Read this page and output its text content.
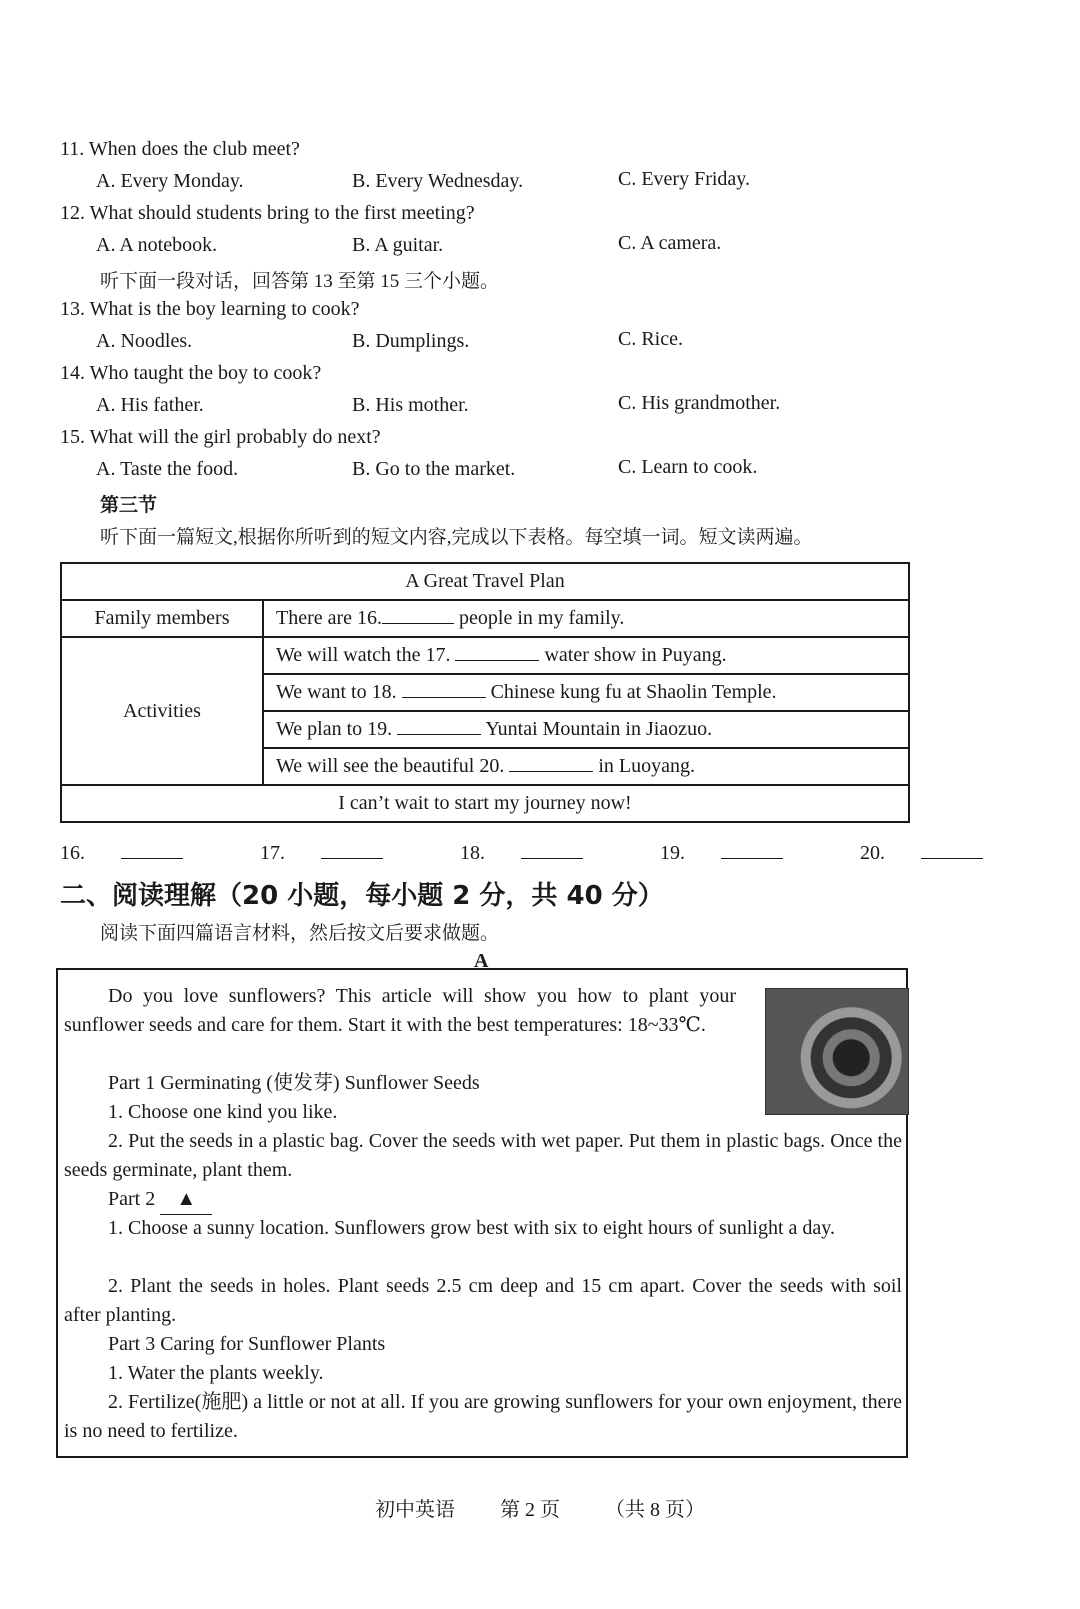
11. When does the club meet?
A. Every Monday.	B. Every Wednesday.	C. Every Friday.
12. What should students bring to the first meeting?
A. A notebook.	B. A guitar.	C. A camera.
听下面一段对话，回答第 13 至第 15 三个小题。
13. What is the boy learning to cook?
A. Noodles.	B. Dumplings.	C. Rice.
14. Who taught the boy to cook?
A. His father.	B. His mother.	C. His grandmother.
15. What will the girl probably do next?
A. Taste the food.	B. Go to the market.	C. Learn to cook.
第三节
听下面一篇短文,根据你所听到的短文内容,完成以下表格。每空填一词。短文读两遍。
A Great Travel Plan	
Family members	There are 16. people in my family.
Activities	We will watch the 17. water show in Puyang.
	We want to 18. Chinese kung fu at Shaolin Temple.
	We plan to 19. Yuntai Mountain in Jiaozuo.
	We will see the beautiful 20. in Luoyang.
I can’t wait to start my journey now!	
16.	17.	18.	19.	20.
二、阅读理解（20 小题，每小题 2 分，共 40 分）
阅读下面四篇语言材料，然后按文后要求做题。
A
Do you love sunflowers? This article will show you how to plant your sunflower seeds and care for them. Start it with the best temperatures: 18~33℃.
Part 1 Germinating (使发芽) Sunflower Seeds
1. Choose one kind you like.
2. Put the seeds in a plastic bag. Cover the seeds with wet paper. Put them in plastic bags. Once the seeds germinate, plant them.
Part 2 ▲
1. Choose a sunny location. Sunflowers grow best with six to eight hours of sunlight a day.
2. Plant the seeds in holes. Plant seeds 2.5 cm deep and 15 cm apart. Cover the seeds with soil after planting.
Part 3 Caring for Sunflower Plants
1. Water the plants weekly.
2. Fertilize(施肥) a little or not at all. If you are growing sunflowers for your own enjoyment, there is no need to fertilize.
初中英语 第 2 页 （共 8 页）
